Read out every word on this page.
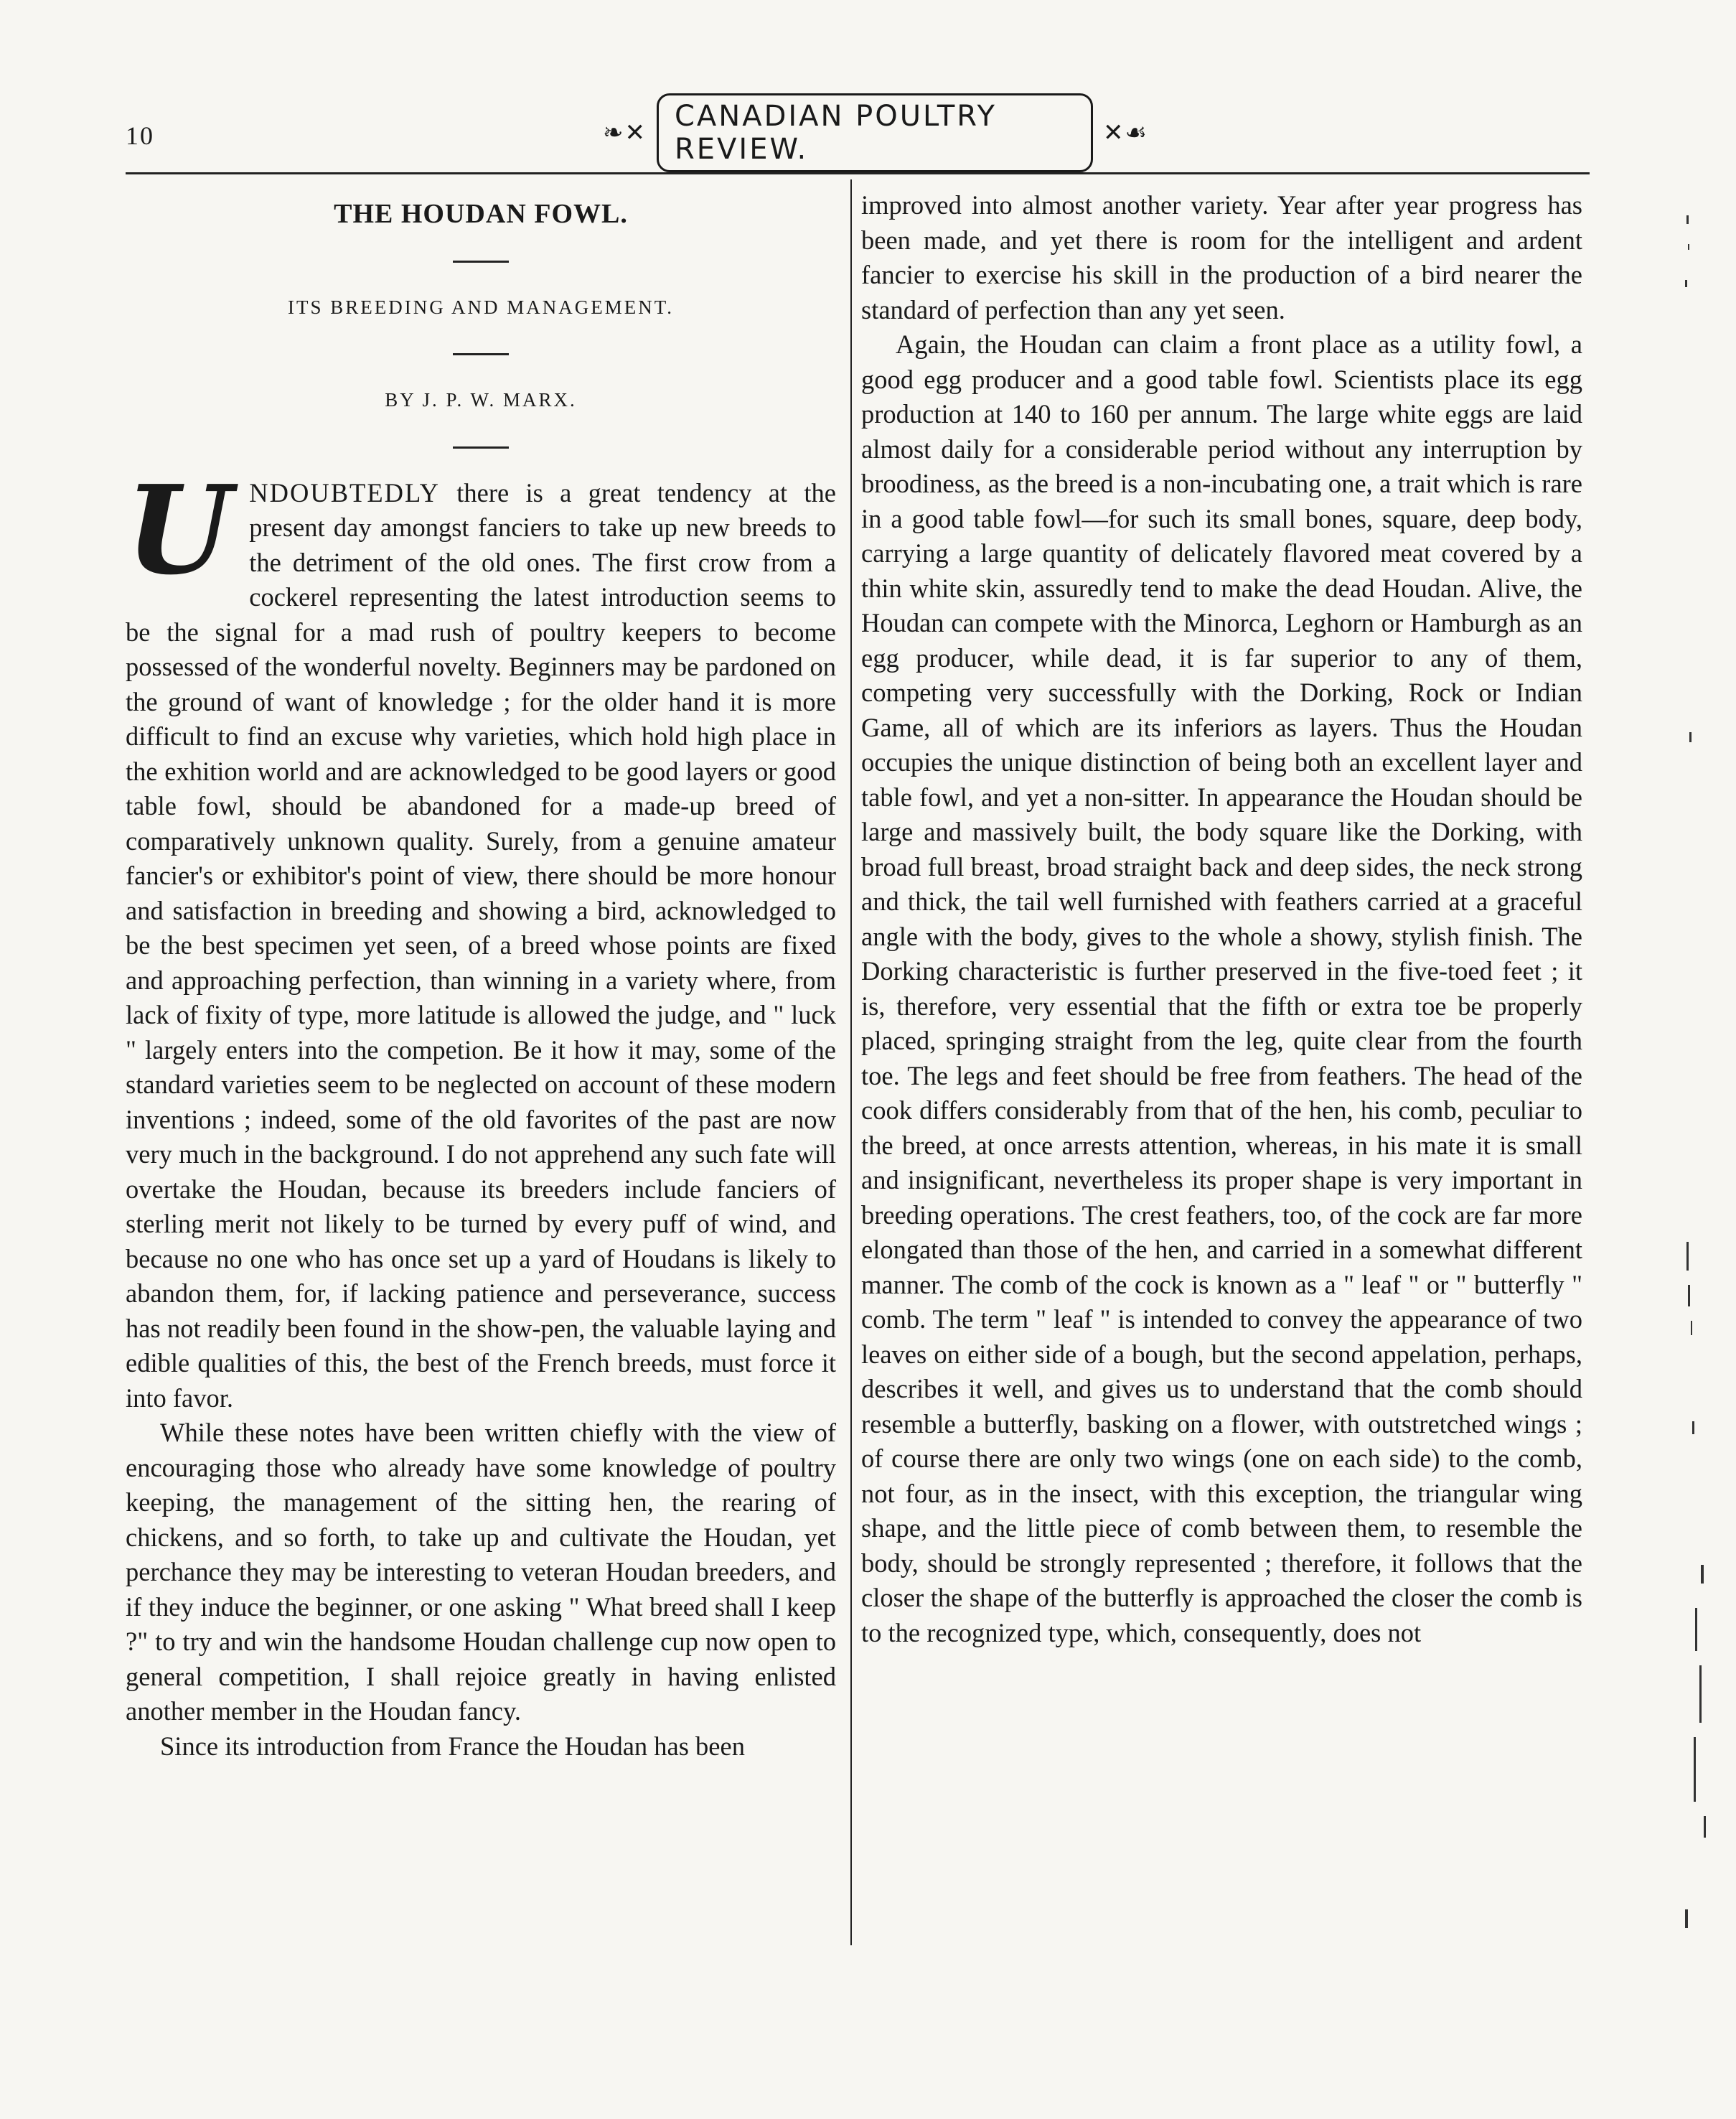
10	❧✕
CANADIAN POULTRY REVIEW.	✕☙
THE HOUDAN FOWL.
ITS BREEDING AND MANAGEMENT.
BY J. P. W. MARX.

UNDOUBTEDLY there is a great tendency at the present day amongst fanciers to take up new breeds to the detriment of the old ones. The first crow from a cockerel representing the latest introduction seems to be the signal for a mad rush of poultry keepers to become possessed of the wonderful novelty. Beginners may be pardoned on the ground of want of knowledge ; for the older hand it is more difficult to find an excuse why varieties, which hold high place in the exhition world and are acknowledged to be good layers or good table fowl, should be abandoned for a made-up breed of comparatively unknown quality. Surely, from a genuine amateur fancier's or exhibitor's point of view, there should be more honour and satisfaction in breeding and showing a bird, acknowledged to be the best specimen yet seen, of a breed whose points are fixed and approaching perfection, than winning in a variety where, from lack of fixity of type, more latitude is allowed the judge, and " luck " largely enters into the competion. Be it how it may, some of the standard varieties seem to be neglected on account of these modern inventions ; indeed, some of the old favorites of the past are now very much in the background. I do not apprehend any such fate will overtake the Houdan, because its breeders include fanciers of sterling merit not likely to be turned by every puff of wind, and because no one who has once set up a yard of Houdans is likely to abandon them, for, if lacking patience and perseverance, success has not readily been found in the show-pen, the valuable laying and edible qualities of this, the best of the French breeds, must force it into favor.

While these notes have been written chiefly with the view of encouraging those who already have some knowledge of poultry keeping, the management of the sitting hen, the rearing of chickens, and so forth, to take up and cultivate the Houdan, yet perchance they may be interesting to veteran Houdan breeders, and if they induce the beginner, or one asking " What breed shall I keep ?" to try and win the handsome Houdan challenge cup now open to general competition, I shall rejoice greatly in having enlisted another member in the Houdan fancy.

Since its introduction from France the Houdan has been

improved into almost another variety. Year after year progress has been made, and yet there is room for the intelligent and ardent fancier to exercise his skill in the production of a bird nearer the standard of perfection than any yet seen.

Again, the Houdan can claim a front place as a utility fowl, a good egg producer and a good table fowl. Scientists place its egg production at 140 to 160 per annum. The large white eggs are laid almost daily for a considerable period without any interruption by broodiness, as the breed is a non-incubating one, a trait which is rare in a good table fowl—for such its small bones, square, deep body, carrying a large quantity of delicately flavored meat covered by a thin white skin, assuredly tend to make the dead Houdan. Alive, the Houdan can compete with the Minorca, Leghorn or Hamburgh as an egg producer, while dead, it is far superior to any of them, competing very successfully with the Dorking, Rock or Indian Game, all of which are its inferiors as layers. Thus the Houdan occupies the unique distinction of being both an excellent layer and table fowl, and yet a non-sitter. In appearance the Houdan should be large and massively built, the body square like the Dorking, with broad full breast, broad straight back and deep sides, the neck strong and thick, the tail well furnished with feathers carried at a graceful angle with the body, gives to the whole a showy, stylish finish. The Dorking characteristic is further preserved in the five-toed feet ; it is, therefore, very essential that the fifth or extra toe be properly placed, springing straight from the leg, quite clear from the fourth toe. The legs and feet should be free from feathers. The head of the cook differs considerably from that of the hen, his comb, peculiar to the breed, at once arrests attention, whereas, in his mate it is small and insignificant, nevertheless its proper shape is very important in breeding operations. The crest feathers, too, of the cock are far more elongated than those of the hen, and carried in a somewhat different manner. The comb of the cock is known as a " leaf " or " butterfly " comb. The term " leaf " is intended to convey the appearance of two leaves on either side of a bough, but the second appelation, perhaps, describes it well, and gives us to understand that the comb should resemble a butterfly, basking on a flower, with outstretched wings ; of course there are only two wings (one on each side) to the comb, not four, as in the insect, with this exception, the triangular wing shape, and the little piece of comb between them, to resemble the body, should be strongly represented ; therefore, it follows that the closer the shape of the butterfly is approached the closer the comb is to the recognized type, which, consequently, does not
